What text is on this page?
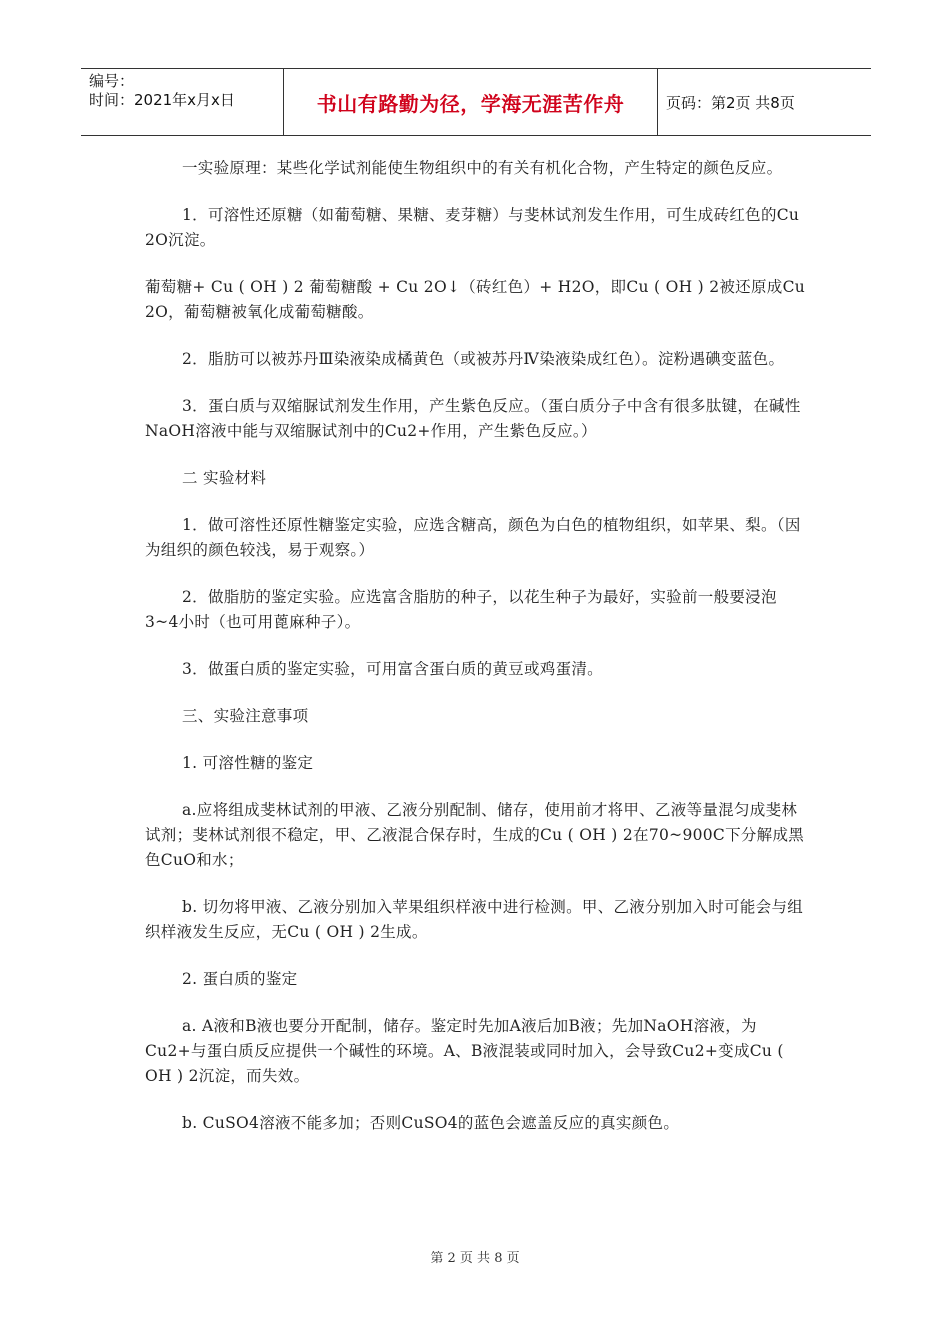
编号：
时间：2021年x月x日	书山有路勤为径，学海无涯苦作舟	页码：第2页 共8页

一实验原理：某些化学试剂能使生物组织中的有关有机化合物，产生特定的颜色反应。

1．可溶性还原糖（如葡萄糖、果糖、麦芽糖）与斐林试剂发生作用，可生成砖红色的Cu 2O沉淀。

葡萄糖+ Cu ( OH ) 2 葡萄糖酸 + Cu 2O↓（砖红色）+ H2O，即Cu ( OH ) 2被还原成Cu 2O，葡萄糖被氧化成葡萄糖酸。

2．脂肪可以被苏丹Ⅲ染液染成橘黄色（或被苏丹Ⅳ染液染成红色）。淀粉遇碘变蓝色。

3．蛋白质与双缩脲试剂发生作用，产生紫色反应。（蛋白质分子中含有很多肽键，在碱性NaOH溶液中能与双缩脲试剂中的Cu2+作用，产生紫色反应。）

二 实验材料

1．做可溶性还原性糖鉴定实验，应选含糖高，颜色为白色的植物组织，如苹果、梨。（因为组织的颜色较浅，易于观察。）

2．做脂肪的鉴定实验。应选富含脂肪的种子，以花生种子为最好，实验前一般要浸泡3~4小时（也可用蓖麻种子）。

3．做蛋白质的鉴定实验，可用富含蛋白质的黄豆或鸡蛋清。

三、实验注意事项

1. 可溶性糖的鉴定

a.应将组成斐林试剂的甲液、乙液分别配制、储存，使用前才将甲、乙液等量混匀成斐林试剂；斐林试剂很不稳定，甲、乙液混合保存时，生成的Cu ( OH ) 2在70~900C下分解成黑色CuO和水；

b. 切勿将甲液、乙液分别加入苹果组织样液中进行检测。甲、乙液分别加入时可能会与组织样液发生反应，无Cu ( OH ) 2生成。

2. 蛋白质的鉴定

a. A液和B液也要分开配制，储存。鉴定时先加A液后加B液；先加NaOH溶液，为Cu2+与蛋白质反应提供一个碱性的环境。A、B液混装或同时加入，会导致Cu2+变成Cu ( OH ) 2沉淀，而失效。

b. CuSO4溶液不能多加；否则CuSO4的蓝色会遮盖反应的真实颜色。

第 2 页 共 8 页
